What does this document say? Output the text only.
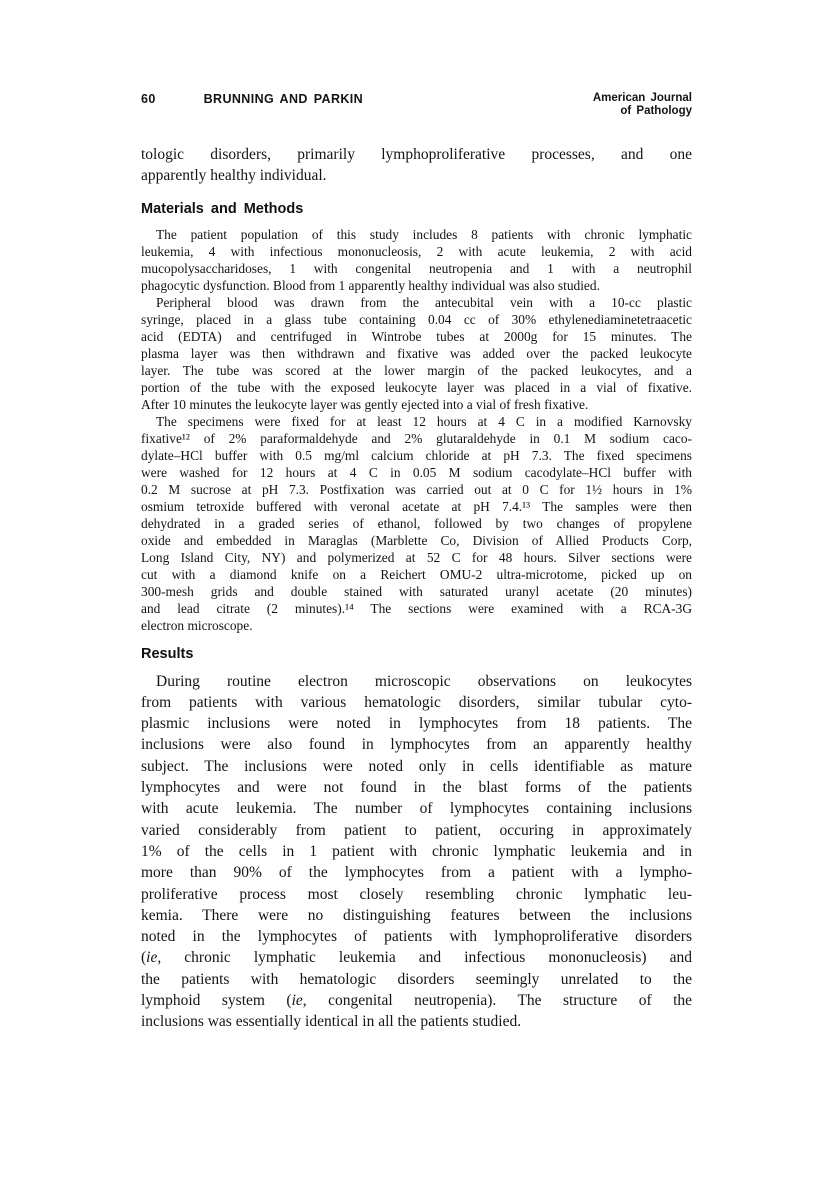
60	BRUNNING AND PARKIN	American Journal
of Pathology
tologic disorders, primarily lymphoproliferative processes, and one
apparently healthy individual.
Materials and Methods
The patient population of this study includes 8 patients with chronic lymphatic
leukemia, 4 with infectious mononucleosis, 2 with acute leukemia, 2 with acid
mucopolysaccharidoses, 1 with congenital neutropenia and 1 with a neutrophil
phagocytic dysfunction. Blood from 1 apparently healthy individual was also studied.
Peripheral blood was drawn from the antecubital vein with a 10-cc plastic
syringe, placed in a glass tube containing 0.04 cc of 30% ethylenediaminetetraacetic
acid (EDTA) and centrifuged in Wintrobe tubes at 2000g for 15 minutes. The
plasma layer was then withdrawn and fixative was added over the packed leukocyte
layer. The tube was scored at the lower margin of the packed leukocytes, and a
portion of the tube with the exposed leukocyte layer was placed in a vial of fixative.
After 10 minutes the leukocyte layer was gently ejected into a vial of fresh fixative.
The specimens were fixed for at least 12 hours at 4 C in a modified Karnovsky
fixative¹² of 2% paraformaldehyde and 2% glutaraldehyde in 0.1 M sodium caco-
dylate–HCl buffer with 0.5 mg/ml calcium chloride at pH 7.3. The fixed specimens
were washed for 12 hours at 4 C in 0.05 M sodium cacodylate–HCl buffer with
0.2 M sucrose at pH 7.3. Postfixation was carried out at 0 C for 1½ hours in 1%
osmium tetroxide buffered with veronal acetate at pH 7.4.¹³ The samples were then
dehydrated in a graded series of ethanol, followed by two changes of propylene
oxide and embedded in Maraglas (Marblette Co, Division of Allied Products Corp,
Long Island City, NY) and polymerized at 52 C for 48 hours. Silver sections were
cut with a diamond knife on a Reichert OMU-2 ultra-microtome, picked up on
300-mesh grids and double stained with saturated uranyl acetate (20 minutes)
and lead citrate (2 minutes).¹⁴ The sections were examined with a RCA-3G
electron microscope.
Results
During routine electron microscopic observations on leukocytes
from patients with various hematologic disorders, similar tubular cyto-
plasmic inclusions were noted in lymphocytes from 18 patients. The
inclusions were also found in lymphocytes from an apparently healthy
subject. The inclusions were noted only in cells identifiable as mature
lymphocytes and were not found in the blast forms of the patients
with acute leukemia. The number of lymphocytes containing inclusions
varied considerably from patient to patient, occuring in approximately
1% of the cells in 1 patient with chronic lymphatic leukemia and in
more than 90% of the lymphocytes from a patient with a lympho-
proliferative process most closely resembling chronic lymphatic leu-
kemia. There were no distinguishing features between the inclusions
noted in the lymphocytes of patients with lymphoproliferative disorders
(ie, chronic lymphatic leukemia and infectious mononucleosis) and
the patients with hematologic disorders seemingly unrelated to the
lymphoid system (ie, congenital neutropenia). The structure of the
inclusions was essentially identical in all the patients studied.
